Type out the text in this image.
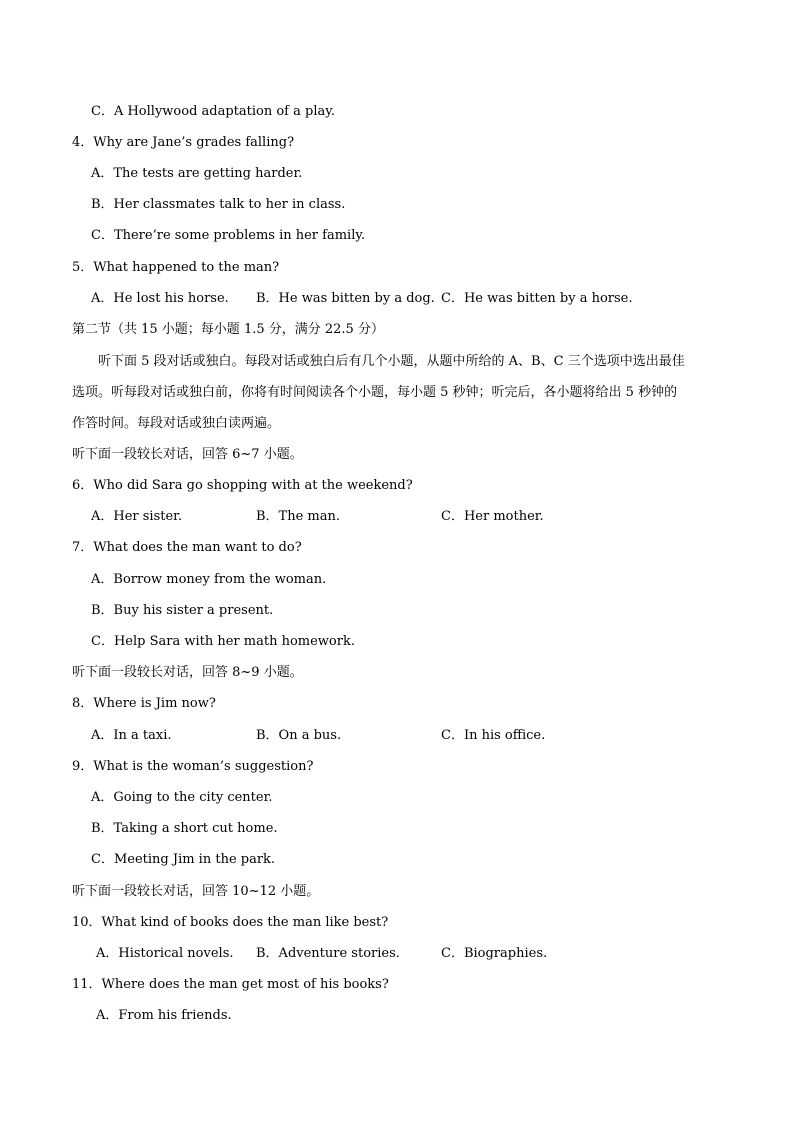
C．A Hollywood adaptation of a play.
4．Why are Jane’s grades falling?
A．The tests are getting harder.
B．Her classmates talk to her in class.
C．There’re some problems in her family.
5．What happened to the man?
A．He lost his horse. B．He was bitten by a dog. C．He was bitten by a horse.
第二节（共 15 小题；每小题 1.5 分，满分 22.5 分）
听下面 5 段对话或独白。每段对话或独白后有几个小题，从题中所给的 A、B、C 三个选项中选出最佳
选项。听每段对话或独白前，你将有时间阅读各个小题，每小题 5 秒钟；听完后，各小题将给出 5 秒钟的
作答时间。每段对话或独白读两遍。
听下面一段较长对话，回答 6~7 小题。
6．Who did Sara go shopping with at the weekend?
A．Her sister.	B．The man.	C．Her mother.
7．What does the man want to do?
A．Borrow money from the woman.
B．Buy his sister a present.
C．Help Sara with her math homework.
听下面一段较长对话，回答 8~9 小题。
8．Where is Jim now?
A．In a taxi.	B．On a bus.	C．In his office.
9．What is the woman’s suggestion?
A．Going to the city center.
B．Taking a short cut home.
C．Meeting Jim in the park.
听下面一段较长对话，回答 10~12 小题。
10．What kind of books does the man like best?
A．Historical novels. B．Adventure stories.	C．Biographies.
11．Where does the man get most of his books?
A．From his friends.
